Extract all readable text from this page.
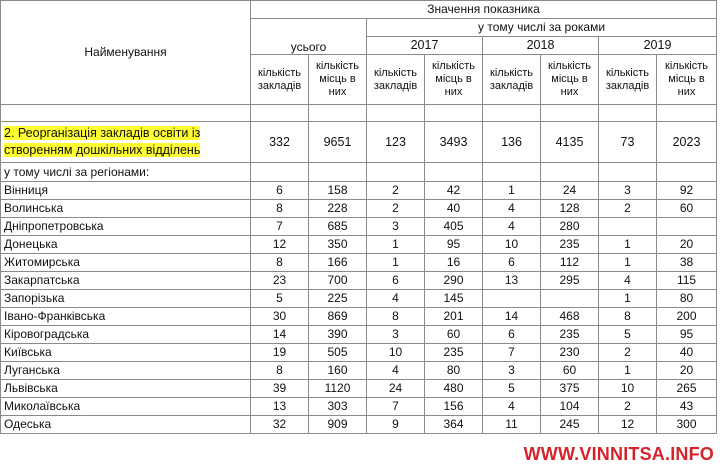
Найменування	Значення показника							
	усього		у тому числі за роками					
			2017		2018		2019	
	кількість закладів	кількість місць в них	кількість закладів	кількість місць в них	кількість закладів	кількість місць в них	кількість закладів	кількість місць в них

2. Реорганізація закладів освіти із створенням дошкільних відділень	332	9651	123	3493	136	4135	73	2023
у тому числі за регіонами:								
Вінниця	6	158	2	42	1	24	3	92
Волинська	8	228	2	40	4	128	2	60
Дніпропетровська	7	685	3	405	4	280		
Донецька	12	350	1	95	10	235	1	20
Житомирська	8	166	1	16	6	112	1	38
Закарпатська	23	700	6	290	13	295	4	115
Запорізька	5	225	4	145			1	80
Івано-Франківська	30	869	8	201	14	468	8	200
Кіровоградська	14	390	3	60	6	235	5	95
Київська	19	505	10	235	7	230	2	40
Луганська	8	160	4	80	3	60	1	20
Львівська	39	1120	24	480	5	375	10	265
Миколаївська	13	303	7	156	4	104	2	43
Одеська	32	909	9	364	11	245	12	300
WWW.VINNITSA.INFO
